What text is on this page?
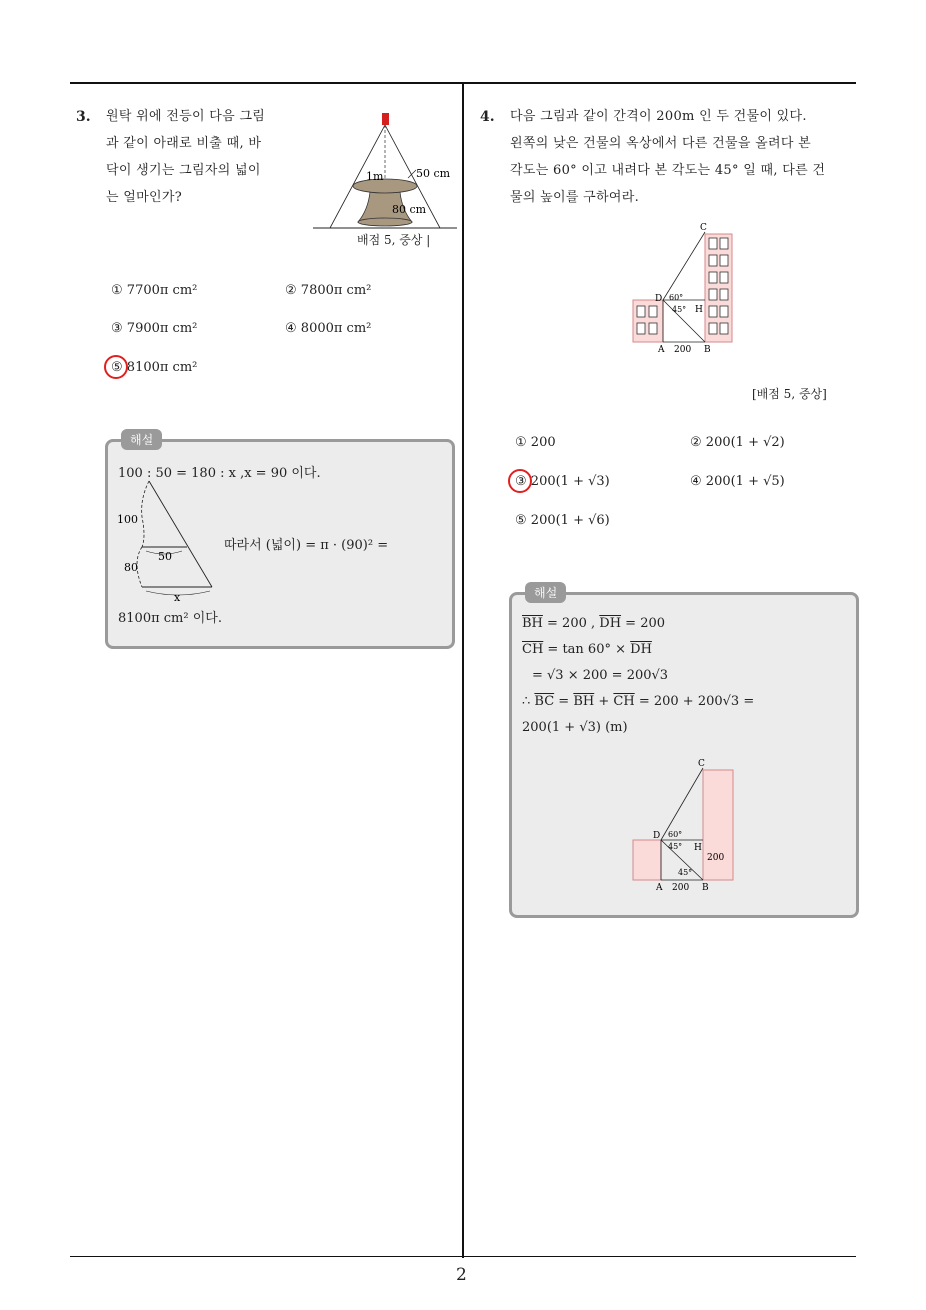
2
3. 원탁 위에 전등이 다음 그림
과 같이 아래로 비출 때, 바
닥이 생기는 그림자의 넓이
는 얼마인가?
1m	50 cm
80 cm
배점 5, 중상 |
① 7700π cm²	② 7800π cm²
③ 7900π cm²	④ 8000π cm²
⑤ 8100π cm²
해설
100 : 50 = 180 : x ,x = 90 이다.
100
50
80
x
따라서 (넓이) = π · (90)² =
8100π cm² 이다.
4. 다음 그림과 같이 간격이 200m 인 두 건물이 있다.
왼쪽의 낮은 건물의 옥상에서 다른 건물을 올려다 본
각도는 60° 이고 내려다 본 각도는 45° 일 때, 다른 건
물의 높이를 구하여라.
C
D
H
60°
45°
A 200 B
[배점 5, 중상]
① 200	② 200(1 + √2)
③ 200(1 + √3)	④ 200(1 + √5)
⑤ 200(1 + √6)
해설
$\overline{BH} = 200$ , $\overline{DH} = 200$
$\overline{CH} = \tan 60^\circ \times \overline{DH}$
= √3 × 200 = 200√3
∴ $\overline{BC} = \overline{BH} + \overline{CH} = 200 + 200√3$ =
200(1 + √3) (m)
C
D
H
60°
45°
200
45°
A 200 B
